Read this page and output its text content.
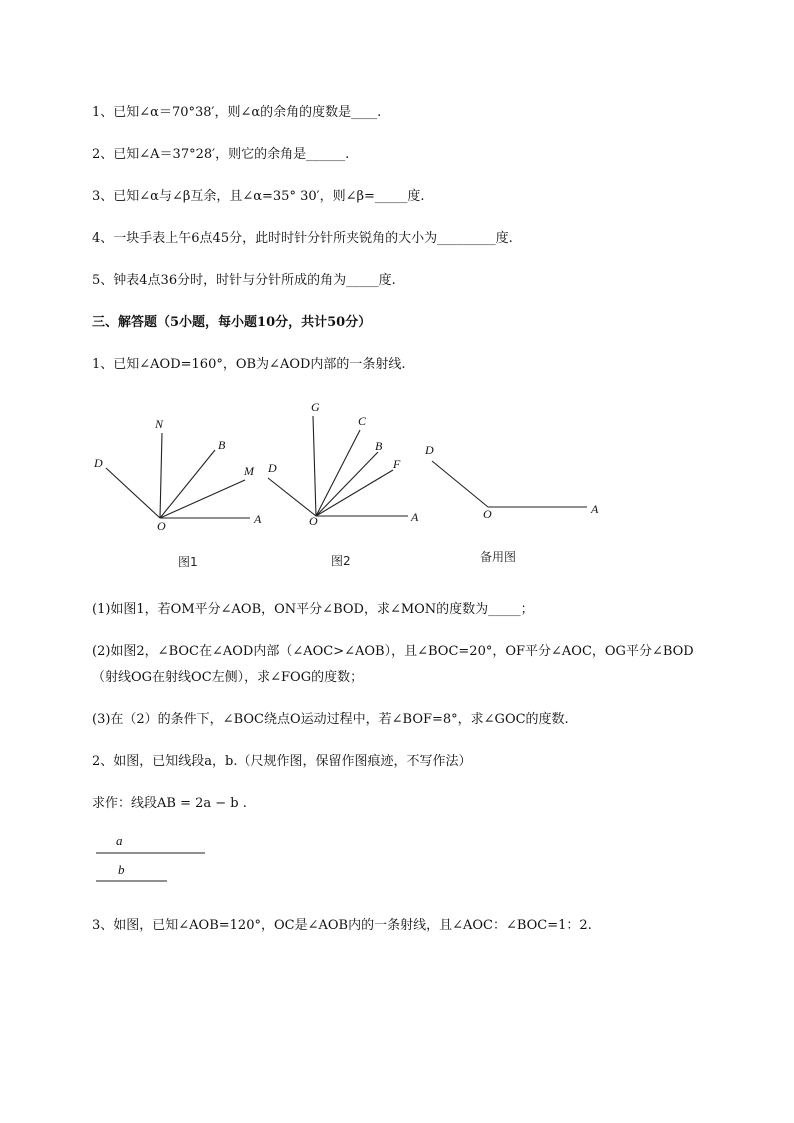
1、已知∠α＝70°38′，则∠α的余角的度数是____.
2、已知∠A＝37°28′，则它的余角是______.
3、已知∠α与∠β互余，且∠α=35° 30′，则∠β=_____度.
4、一块手表上午6点45分，此时时针分针所夹锐角的大小为_________度.
5、钟表4点36分时，时针与分针所成的角为_____度.
三、解答题（5小题，每小题10分，共计50分）
1、已知∠AOD=160°，OB为∠AOD内部的一条射线.
D
N
B
M
O	A
图1
G
C
B
F
D
O	A
图2
D
O	A
备用图
(1)如图1，若OM平分∠AOB，ON平分∠BOD，求∠MON的度数为_____；
(2)如图2，∠BOC在∠AOD内部（∠AOC>∠AOB），且∠BOC=20°，OF平分∠AOC，OG平分∠BOD
（射线OG在射线OC左侧），求∠FOG的度数；
(3)在（2）的条件下，∠BOC绕点O运动过程中，若∠BOF=8°，求∠GOC的度数.
2、如图，已知线段a，b.（尺规作图，保留作图痕迹，不写作法）
求作：线段AB = 2a − b .
a
b
3、如图，已知∠AOB=120°，OC是∠AOB内的一条射线，且∠AOC：∠BOC=1：2.
